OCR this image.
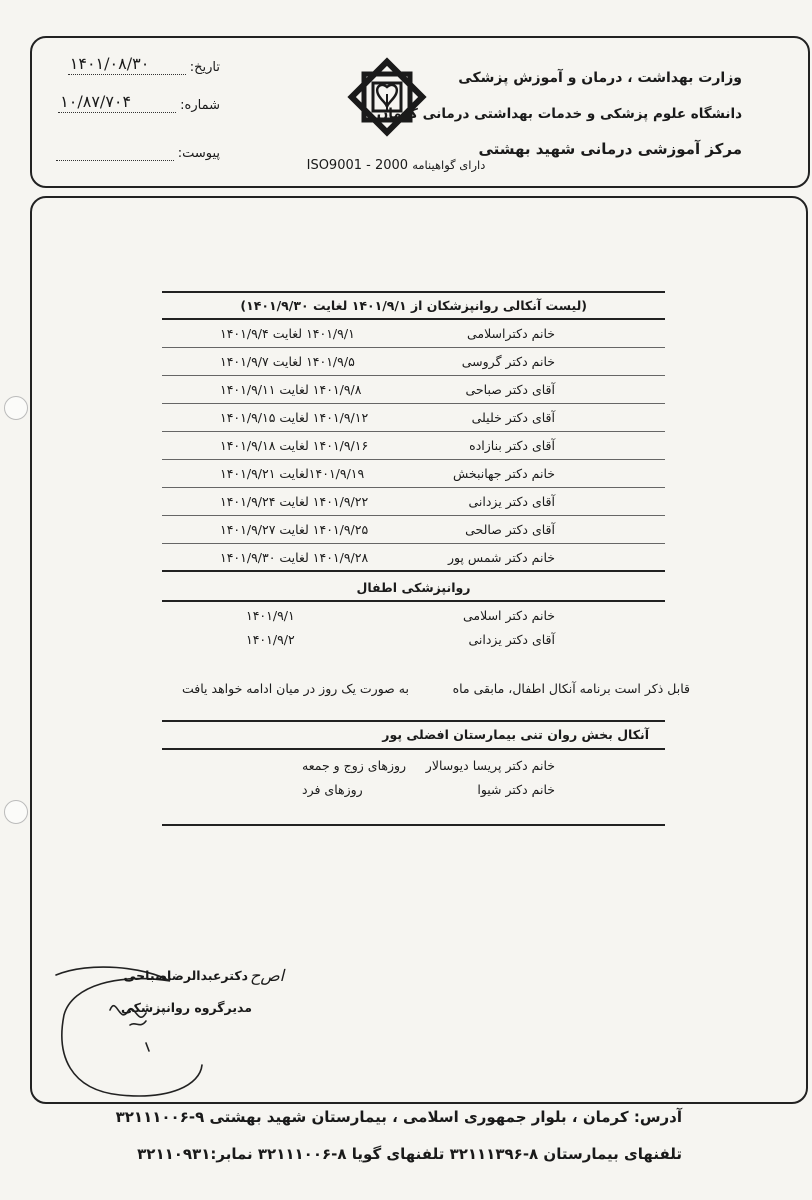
وزارت بهداشت ، درمان و آموزش پزشکی
دانشگاه علوم پزشکی و خدمات بهداشتی درمانی کرمان
مرکز آموزشی درمانی شهید بهشتی
ISO9001 - 2000 دارای گواهینامه
تاریخ:
۱۴۰۱/۰۸/۳۰
شماره:
۱۰/۸۷/۷۰۴
پیوست:
(لیست آنکالی روانپزشکان از ۱۴۰۱/۹/۱ لغایت ۱۴۰۱/۹/۳۰)
خانم دکتراسلامی
۱۴۰۱/۹/۱ لغایت ۱۴۰۱/۹/۴
خانم دکتر گروسی
۱۴۰۱/۹/۵ لغایت ۱۴۰۱/۹/۷
آقای دکتر صباحی
۱۴۰۱/۹/۸ لغایت ۱۴۰۱/۹/۱۱
آقای دکتر خلیلی
۱۴۰۱/۹/۱۲ لغایت ۱۴۰۱/۹/۱۵
آقای دکتر بنازاده
۱۴۰۱/۹/۱۶ لغایت ۱۴۰۱/۹/۱۸
خانم دکتر جهانبخش
۱۴۰۱/۹/۱۹لغایت ۱۴۰۱/۹/۲۱
آقای دکتر یزدانی
۱۴۰۱/۹/۲۲ لغایت ۱۴۰۱/۹/۲۴
آقای دکتر صالحی
۱۴۰۱/۹/۲۵ لغایت ۱۴۰۱/۹/۲۷
خانم دکتر شمس پور
۱۴۰۱/۹/۲۸ لغایت ۱۴۰۱/۹/۳۰
روانپزشکی اطفال
خانم دکتر اسلامی
۱۴۰۱/۹/۱
آقای دکتر یزدانی
۱۴۰۱/۹/۲
قابل ذکر است برنامه آنکال اطفال، مابقی ماه
به صورت یک روز در میان ادامه خواهد یافت
آنکال بخش روان تنی بیمارستان افضلی پور
خانم دکتر پریسا دیوسالار
روزهای زوج و جمعه
خانم دکتر شیوا
روزهای فرد
ا‌ص‌ح
دکترعبدالرضاصباحی
مدیرگروه روانپزشکی
آدرس: کرمان ، بلوار جمهوری اسلامی ، بیمارستان شهید بهشتی ۹-۳۲۱۱۱۰۰۶
تلفنهای بیمارستان ۸-۳۲۱۱۱۳۹۶ تلفنهای گویا ۸-۳۲۱۱۱۰۰۶ نمابر:۳۲۱۱۰۹۳۱
